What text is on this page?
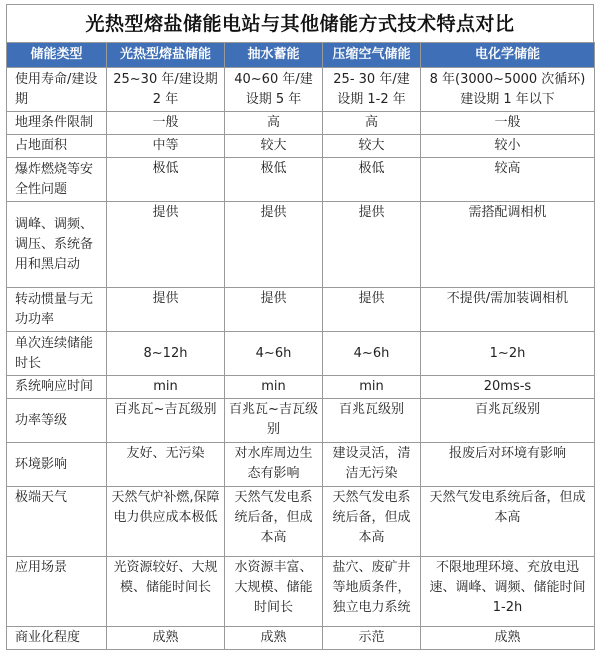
光热型熔盐储能电站与其他储能方式技术特点对比
储能类型	光热型熔盐储能	抽水蓄能	压缩空气储能	电化学储能
使用寿命/建设期	25~30 年/建设期 2 年	40~60 年/建设期 5 年	25- 30 年/建设期 1-2 年	8 年(3000~5000 次循环) 建设期 1 年以下
地理条件限制	一般	高	高	一般
占地面积	中等	较大	较大	较小
爆炸燃烧等安全性问题	极低	极低	极低	较高
调峰、调频、调压、系统备用和黑启动	提供	提供	提供	需搭配调相机
转动惯量与无功功率	提供	提供	提供	不提供/需加装调相机
单次连续储能时长	8~12h	4~6h	4~6h	1~2h
系统响应时间	min	min	min	20ms-s
功率等级	百兆瓦~吉瓦级别	百兆瓦~吉瓦级别	百兆瓦级别	百兆瓦级别
环境影响	友好、无污染	对水库周边生态有影响	建设灵活，清洁无污染	报废后对环境有影响
极端天气	天然气炉补燃,保障电力供应成本极低	天然气发电系统后备，但成本高	天然气发电系统后备，但成本高	天然气发电系统后备，但成本高
应用场景	光资源较好、大规模、储能时间长	水资源丰富、大规模、储能时间长	盐穴、废矿井等地质条件，独立电力系统	不限地理环境、充放电迅速、调峰、调频、储能时间 1-2h
商业化程度	成熟	成熟	示范	成熟
